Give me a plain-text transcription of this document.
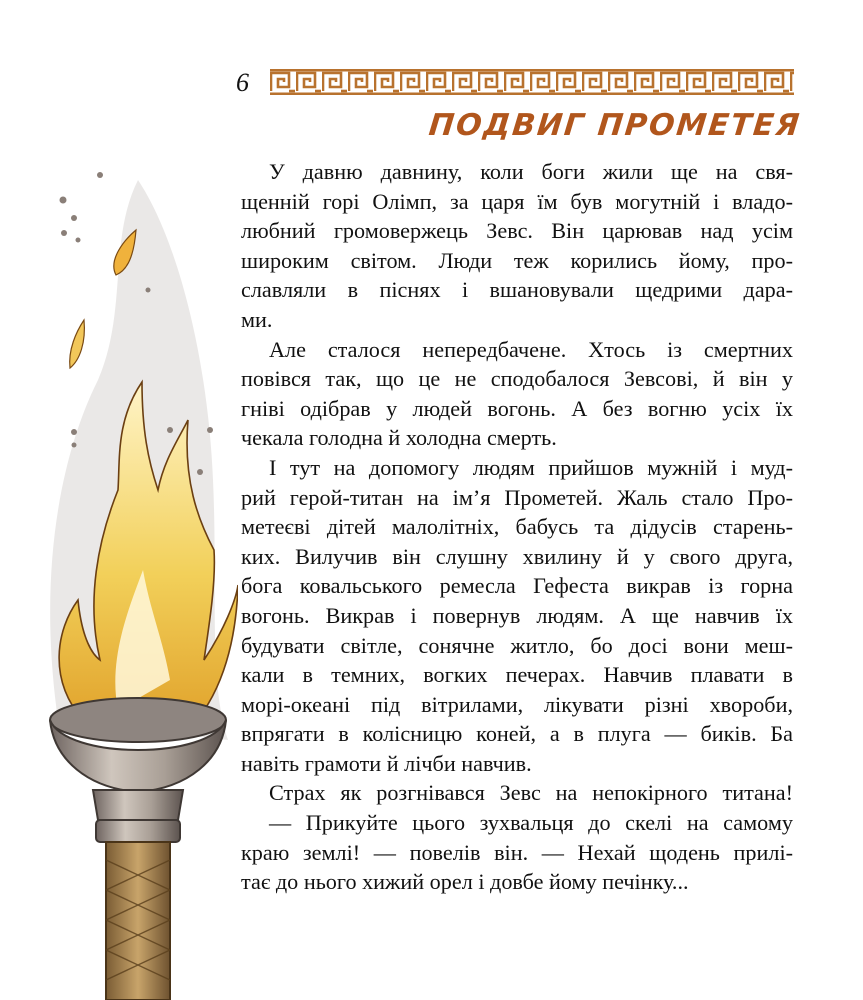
6
ПОДВИГ ПРОМЕТЕЯ
У давню давнину, коли боги жили ще на свя-
щенній горі Олімп, за царя їм був могутній і владо-
любний громовержець Зевс. Він царював над усім
широким світом. Люди теж корились йому, про-
славляли в піснях і вшановували щедрими дара-
ми.
Але сталося непередбачене. Хтось із смертних
повівся так, що це не сподобалося Зевсові, й він у
гніві одібрав у людей вогонь. А без вогню усіх їх
чекала голодна й холодна смерть.
І тут на допомогу людям прийшов мужній і муд-
рий герой-титан на ім’я Прометей. Жаль стало Про-
метеєві дітей малолітніх, бабусь та дідусів старень-
ких. Вилучив він слушну хвилину й у свого друга,
бога ковальського ремесла Гефеста викрав із горна
вогонь. Викрав і повернув людям. А ще навчив їх
будувати світле, сонячне житло, бо досі вони меш-
кали в темних, вогких печерах. Навчив плавати в
морі-океані під вітрилами, лікувати різні хвороби,
впрягати в колісницю коней, а в плуга — биків. Ба
навіть грамоти й лічби навчив.
Страх як розгнівався Зевс на непокірного титана!
— Прикуйте цього зухвальця до скелі на самому
краю землі! — повелів він. — Нехай щодень прилі-
тає до нього хижий орел і довбе йому печінку...
